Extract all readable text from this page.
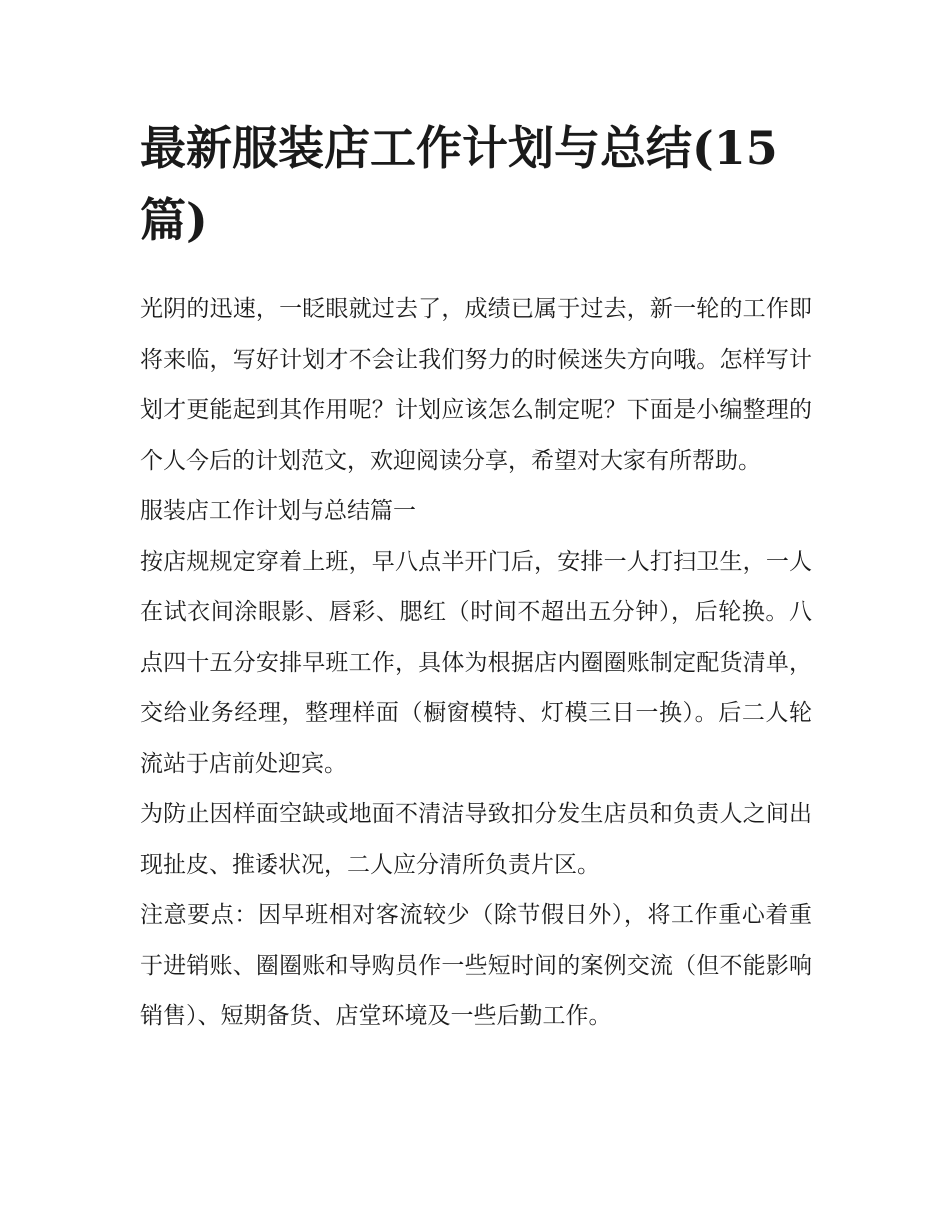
最新服装店工作计划与总结(15篇)

光阴的迅速，一眨眼就过去了，成绩已属于过去，新一轮的工作即将来临，写好计划才不会让我们努力的时候迷失方向哦。怎样写计划才更能起到其作用呢？计划应该怎么制定呢？下面是小编整理的个人今后的计划范文，欢迎阅读分享，希望对大家有所帮助。

服装店工作计划与总结篇一

按店规规定穿着上班，早八点半开门后，安排一人打扫卫生，一人在试衣间涂眼影、唇彩、腮红（时间不超出五分钟），后轮换。八点四十五分安排早班工作，具体为根据店内圈圈账制定配货清单，交给业务经理，整理样面（橱窗模特、灯模三日一换）。后二人轮流站于店前处迎宾。

为防止因样面空缺或地面不清洁导致扣分发生店员和负责人之间出现扯皮、推诿状况，二人应分清所负责片区。

注意要点：因早班相对客流较少（除节假日外），将工作重心着重于进销账、圈圈账和导购员作一些短时间的案例交流（但不能影响销售）、短期备货、店堂环境及一些后勤工作。
